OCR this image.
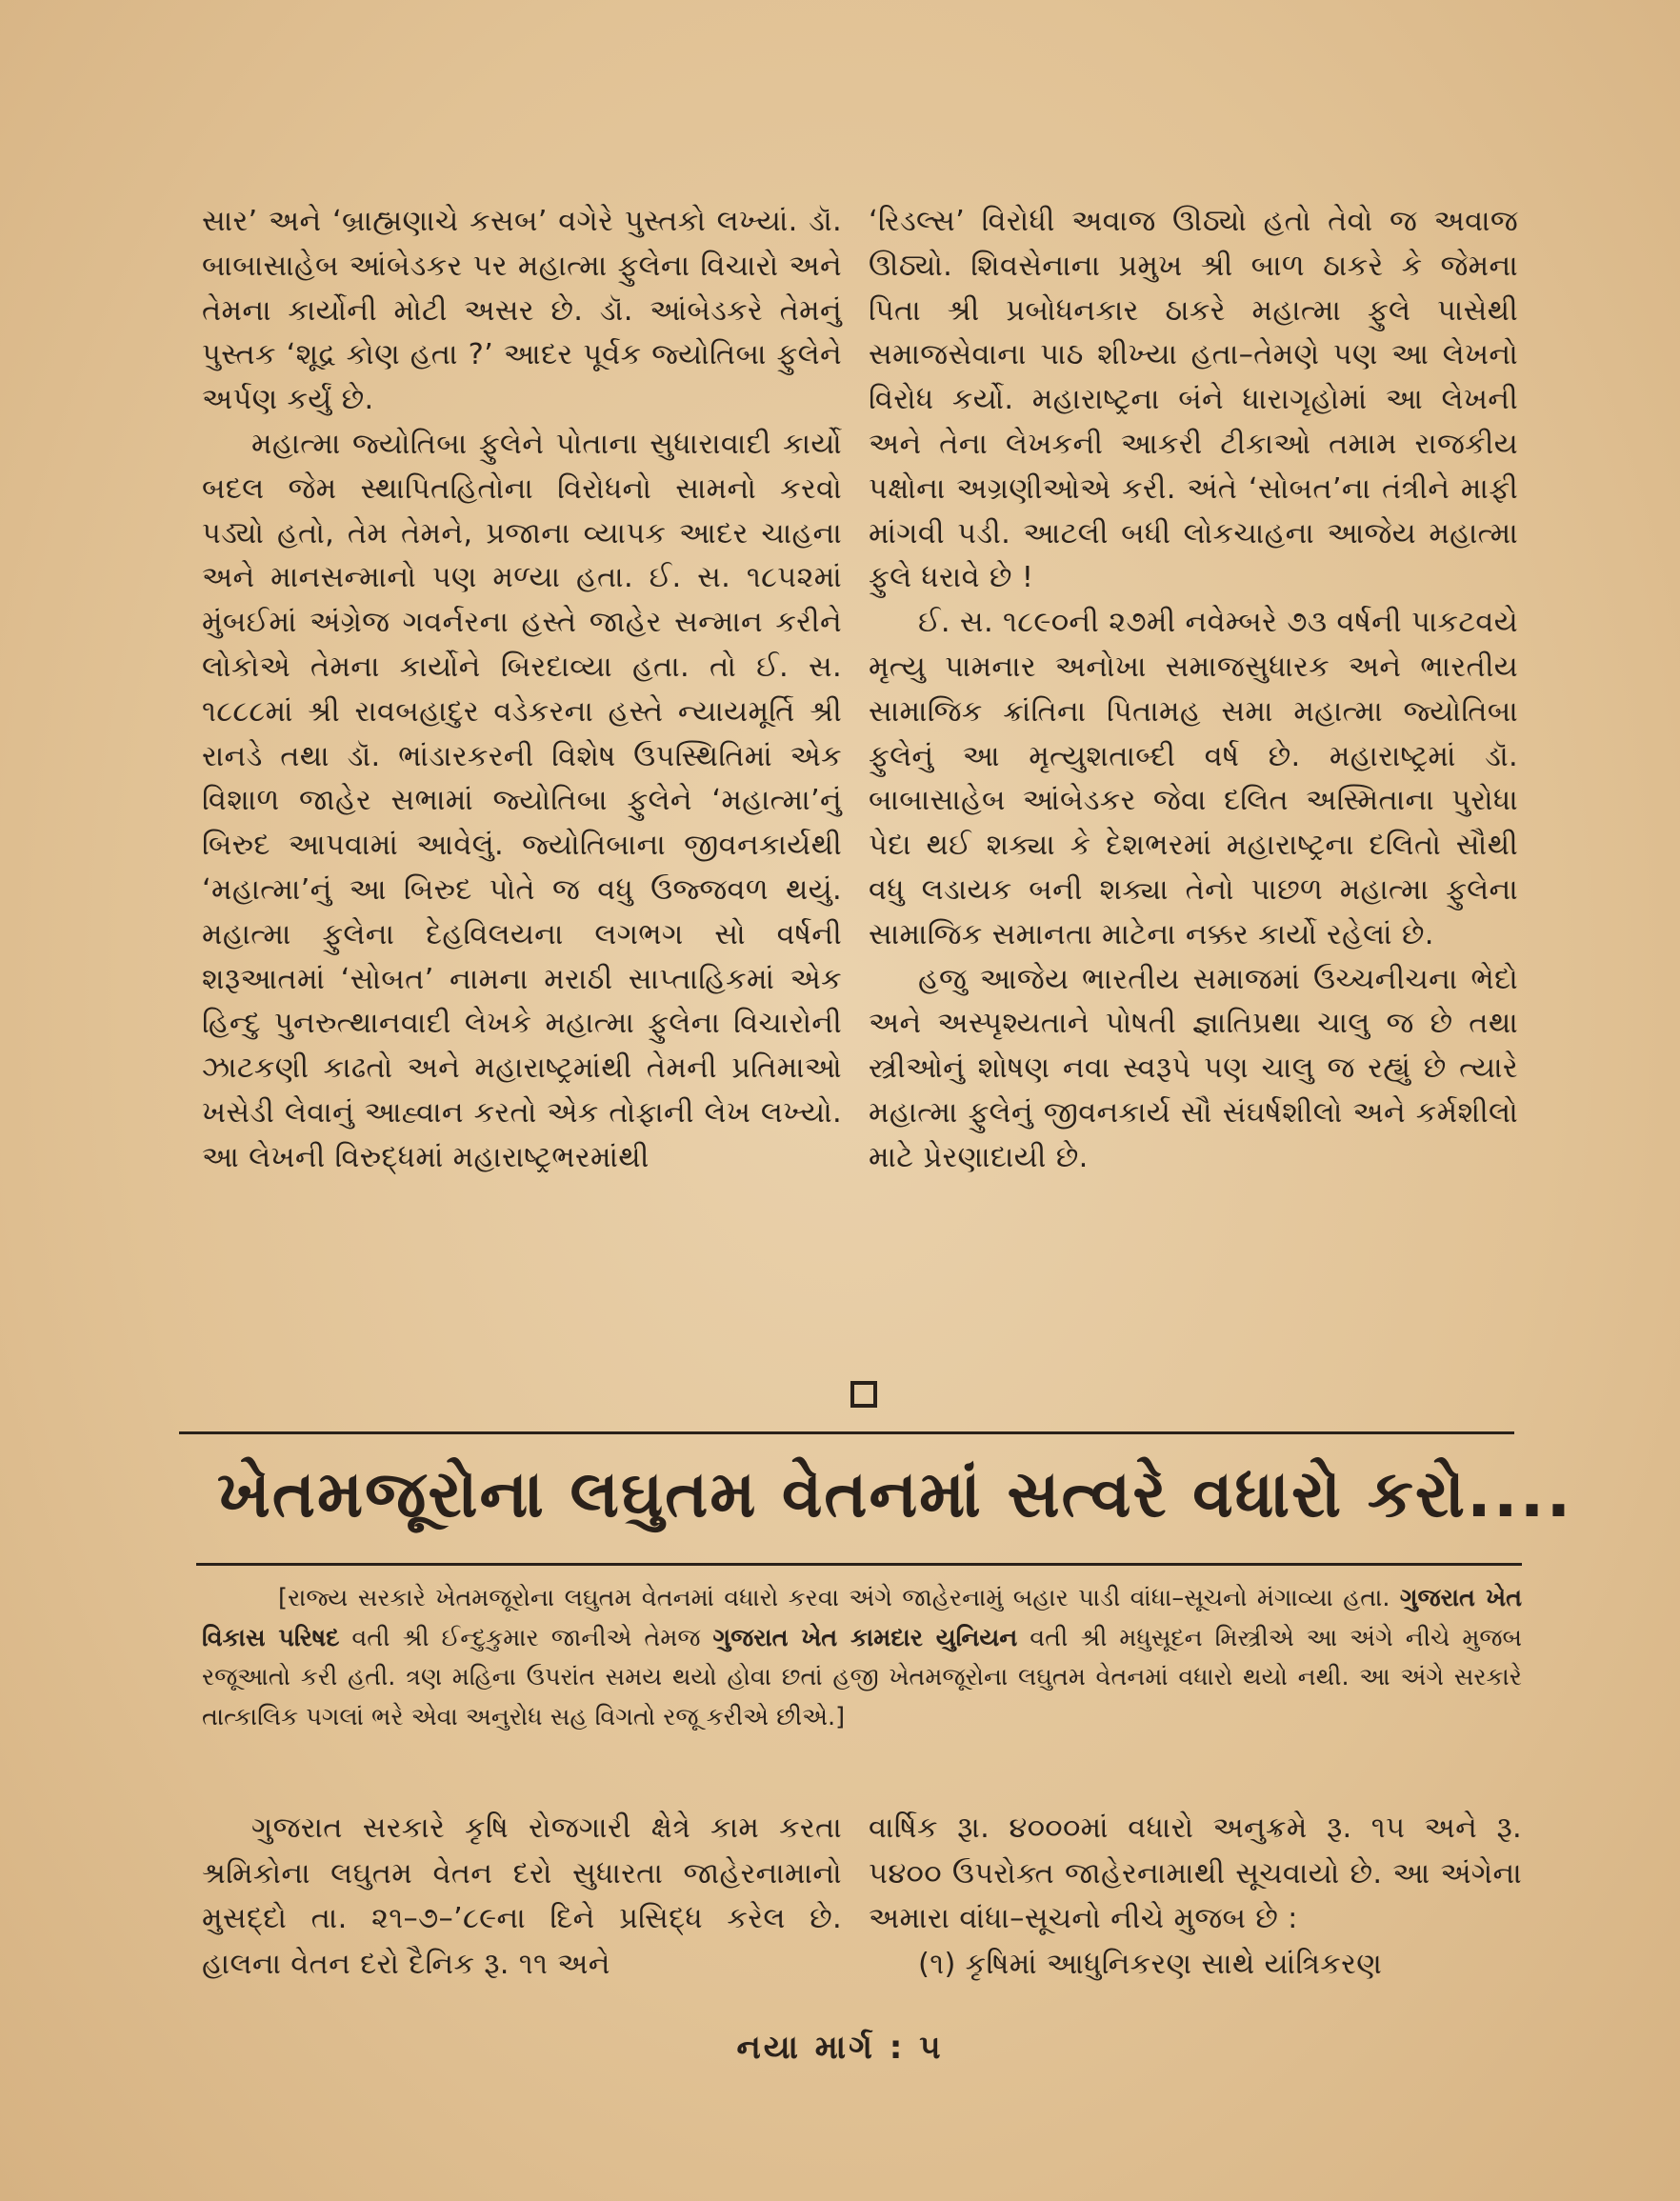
સાર’ અને ‘બ્રાહ્મણાચે કસબ’ વગેરે પુસ્તકો લખ્યાં. ડૉ. બાબાસાહેબ આંબેડકર પર મહાત્મા ફુલેના વિચારો અને તેમના કાર્યોની મોટી અસર છે. ડૉ. આંબેડકરે તેમનું પુસ્તક ‘શૂદ્ર કોણ હતા ?’ આદર પૂર્વક જ્યોતિબા ફુલેને અર્પણ કર્યું છે.

મહાત્મા જ્યોતિબા ફુલેને પોતાના સુધારાવાદી કાર્યો બદલ જેમ સ્થાપિતહિતોના વિરોધનો સામનો કરવો પડ્યો હતો, તેમ તેમને, પ્રજાના વ્યાપક આદર ચાહના અને માનસન્માનો પણ મળ્યા હતા. ઈ. સ. ૧૮૫૨માં મુંબઈમાં અંગ્રેજ ગવર્નરના હસ્તે જાહેર સન્માન કરીને લોકોએ તેમના કાર્યોને બિરદાવ્યા હતા. તો ઈ. સ. ૧૮૮૮માં શ્રી રાવબહાદુર વડેકરના હસ્તે ન્યાયમૂર્તિ શ્રી રાનડે તથા ડૉ. ભાંડારકરની વિશેષ ઉપસ્થિતિમાં એક વિશાળ જાહેર સભામાં જ્યોતિબા ફુલેને ‘મહાત્મા’નું બિરુદ આપવામાં આવેલું. જ્યોતિબાના જીવનકાર્યથી ‘મહાત્મા’નું આ બિરુદ પોતે જ વધુ ઉજ્જવળ થયું. મહાત્મા ફુલેના દેહવિલયના લગભગ સો વર્ષની શરૂઆતમાં ‘સોબત’ નામના મરાઠી સાપ્તાહિકમાં એક હિન્દુ પુનરુત્થાનવાદી લેખકે મહાત્મા ફુલેના વિચારોની ઝાટકણી કાઢતો અને મહારાષ્ટ્રમાંથી તેમની પ્રતિમાઓ ખસેડી લેવાનું આહ્વાન કરતો એક તોફાની લેખ લખ્યો. આ લેખની વિરુદ્ધમાં મહારાષ્ટ્રભરમાંથી

‘રિડલ્સ’ વિરોધી અવાજ ઊઠ્યો હતો તેવો જ અવાજ ઊઠ્યો. શિવસેનાના પ્રમુખ શ્રી બાળ ઠાકરે કે જેમના પિતા શ્રી પ્રબોધનકાર ઠાકરે મહાત્મા ફુલે પાસેથી સમાજસેવાના પાઠ શીખ્યા હતા–તેમણે પણ આ લેખનો વિરોધ કર્યો. મહારાષ્ટ્રના બંને ધારાગૃહોમાં આ લેખની અને તેના લેખકની આકરી ટીકાઓ તમામ રાજકીય પક્ષોના અગ્રણીઓએ કરી. અંતે ‘સોબત’ના તંત્રીને માફી માંગવી પડી. આટલી બધી લોકચાહના આજેય મહાત્મા ફુલે ધરાવે છે !

ઈ. સ. ૧૮૯૦ની ૨૭મી નવેમ્બરે ૭૩ વર્ષની પાકટવયે મૃત્યુ પામનાર અનોખા સમાજસુધારક અને ભારતીય સામાજિક ક્રાંતિના પિતામહ સમા મહાત્મા જ્યોતિબા ફુલેનું આ મૃત્યુશતાબ્દી વર્ષ છે. મહારાષ્ટ્રમાં ડૉ. બાબાસાહેબ આંબેડકર જેવા દલિત અસ્મિતાના પુરોધા પેદા થઈ શક્યા કે દેશભરમાં મહારાષ્ટ્રના દલિતો સૌથી વધુ લડાયક બની શક્યા તેનો પાછળ મહાત્મા ફુલેના સામાજિક સમાનતા માટેના નક્કર કાર્યો રહેલાં છે.

હજુ આજેય ભારતીય સમાજમાં ઉચ્ચનીચના ભેદો અને અસ્પૃશ્યતાને પોષતી જ્ઞાતિપ્રથા ચાલુ જ છે તથા સ્ત્રીઓનું શોષણ નવા સ્વરૂપે પણ ચાલુ જ રહ્યું છે ત્યારે મહાત્મા ફુલેનું જીવનકાર્ય સૌ સંઘર્ષશીલો અને કર્મશીલો માટે પ્રેરણાદાયી છે.

ખેતમજૂરોના લઘુતમ વેતનમાં સત્વરે વધારો કરો....

[રાજ્ય સરકારે ખેતમજૂરોના લઘુતમ વેતનમાં વધારો કરવા અંગે જાહેરનામું બહાર પાડી વાંધા–સૂચનો મંગાવ્યા હતા. ગુજરાત ખેત વિકાસ પરિષદ વતી શ્રી ઈન્દુકુમાર જાનીએ તેમજ ગુજરાત ખેત કામદાર યુનિયન વતી શ્રી મધુસૂદન મિસ્ત્રીએ આ અંગે નીચે મુજબ રજૂઆતો કરી હતી. ત્રણ મહિના ઉપરાંત સમય થયો હોવા છતાં હજી ખેતમજૂરોના લઘુતમ વેતનમાં વધારો થયો નથી. આ અંગે સરકારે તાત્કાલિક પગલાં ભરે એવા અનુરોધ સહ વિગતો રજૂ કરીએ છીએ.]

ગુજરાત સરકારે કૃષિ રોજગારી ક્ષેત્રે કામ કરતા શ્રમિકોના લઘુતમ વેતન દરો સુધારતા જાહેરનામાનો મુસદ્દો તા. ૨૧–૭–’૮૯ના દિને પ્રસિદ્ધ કરેલ છે. હાલના વેતન દરો દૈનિક રૂ. ૧૧ અને

વાર્ષિક રૂા. ૪૦૦૦માં વધારો અનુક્રમે રૂ. ૧૫ અને રૂ. ૫૪૦૦ ઉપરોક્ત જાહેરનામાથી સૂચવાયો છે. આ અંગેના અમારા વાંધા–સૂચનો નીચે મુજબ છે :

(૧) કૃષિમાં આધુનિકરણ સાથે યાંત્રિકરણ

નયા માર્ગ : ૫
